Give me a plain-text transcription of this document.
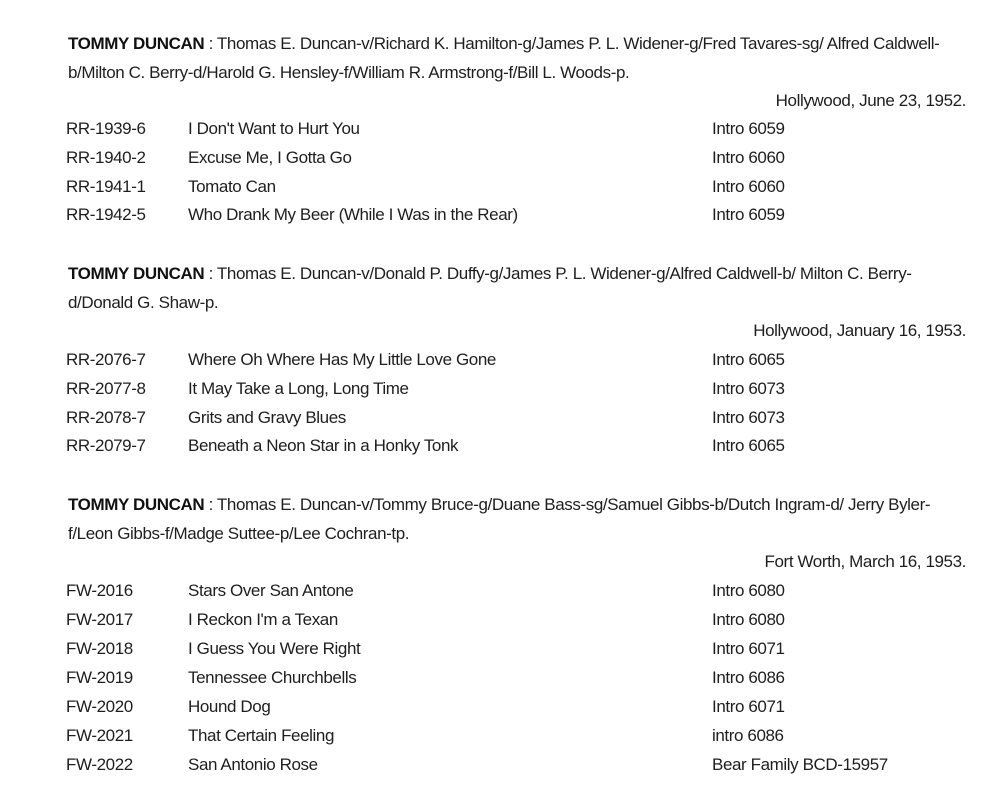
TOMMY DUNCAN : Thomas E. Duncan-v/Richard K. Hamilton-g/James P. L. Widener-g/Fred Tavares-sg/ Alfred Caldwell-b/Milton C. Berry-d/Harold G. Hensley-f/William R. Armstrong-f/Bill L. Woods-p.

Hollywood, June 23, 1952.
RR-1939-6 I Don't Want to Hurt You	Intro 6059
RR-1940-2 Excuse Me, I Gotta Go	Intro 6060
RR-1941-1 Tomato Can	Intro 6060
RR-1942-5 Who Drank My Beer (While I Was in the Rear)	Intro 6059

TOMMY DUNCAN : Thomas E. Duncan-v/Donald P. Duffy-g/James P. L. Widener-g/Alfred Caldwell-b/ Milton C. Berry-d/Donald G. Shaw-p.

Hollywood, January 16, 1953.
RR-2076-7 Where Oh Where Has My Little Love Gone	Intro 6065
RR-2077-8 It May Take a Long, Long Time	Intro 6073
RR-2078-7 Grits and Gravy Blues	Intro 6073
RR-2079-7 Beneath a Neon Star in a Honky Tonk	Intro 6065

TOMMY DUNCAN : Thomas E. Duncan-v/Tommy Bruce-g/Duane Bass-sg/Samuel Gibbs-b/Dutch Ingram-d/ Jerry Byler-f/Leon Gibbs-f/Madge Suttee-p/Lee Cochran-tp.

Fort Worth, March 16, 1953.
FW-2016	Stars Over San Antone	Intro 6080
FW-2017	I Reckon I'm a Texan	Intro 6080
FW-2018	I Guess You Were Right	Intro 6071
FW-2019	Tennessee Churchbells	Intro 6086
FW-2020	Hound Dog	Intro 6071
FW-2021	That Certain Feeling	intro 6086
FW-2022	San Antonio Rose	Bear Family BCD-15957
